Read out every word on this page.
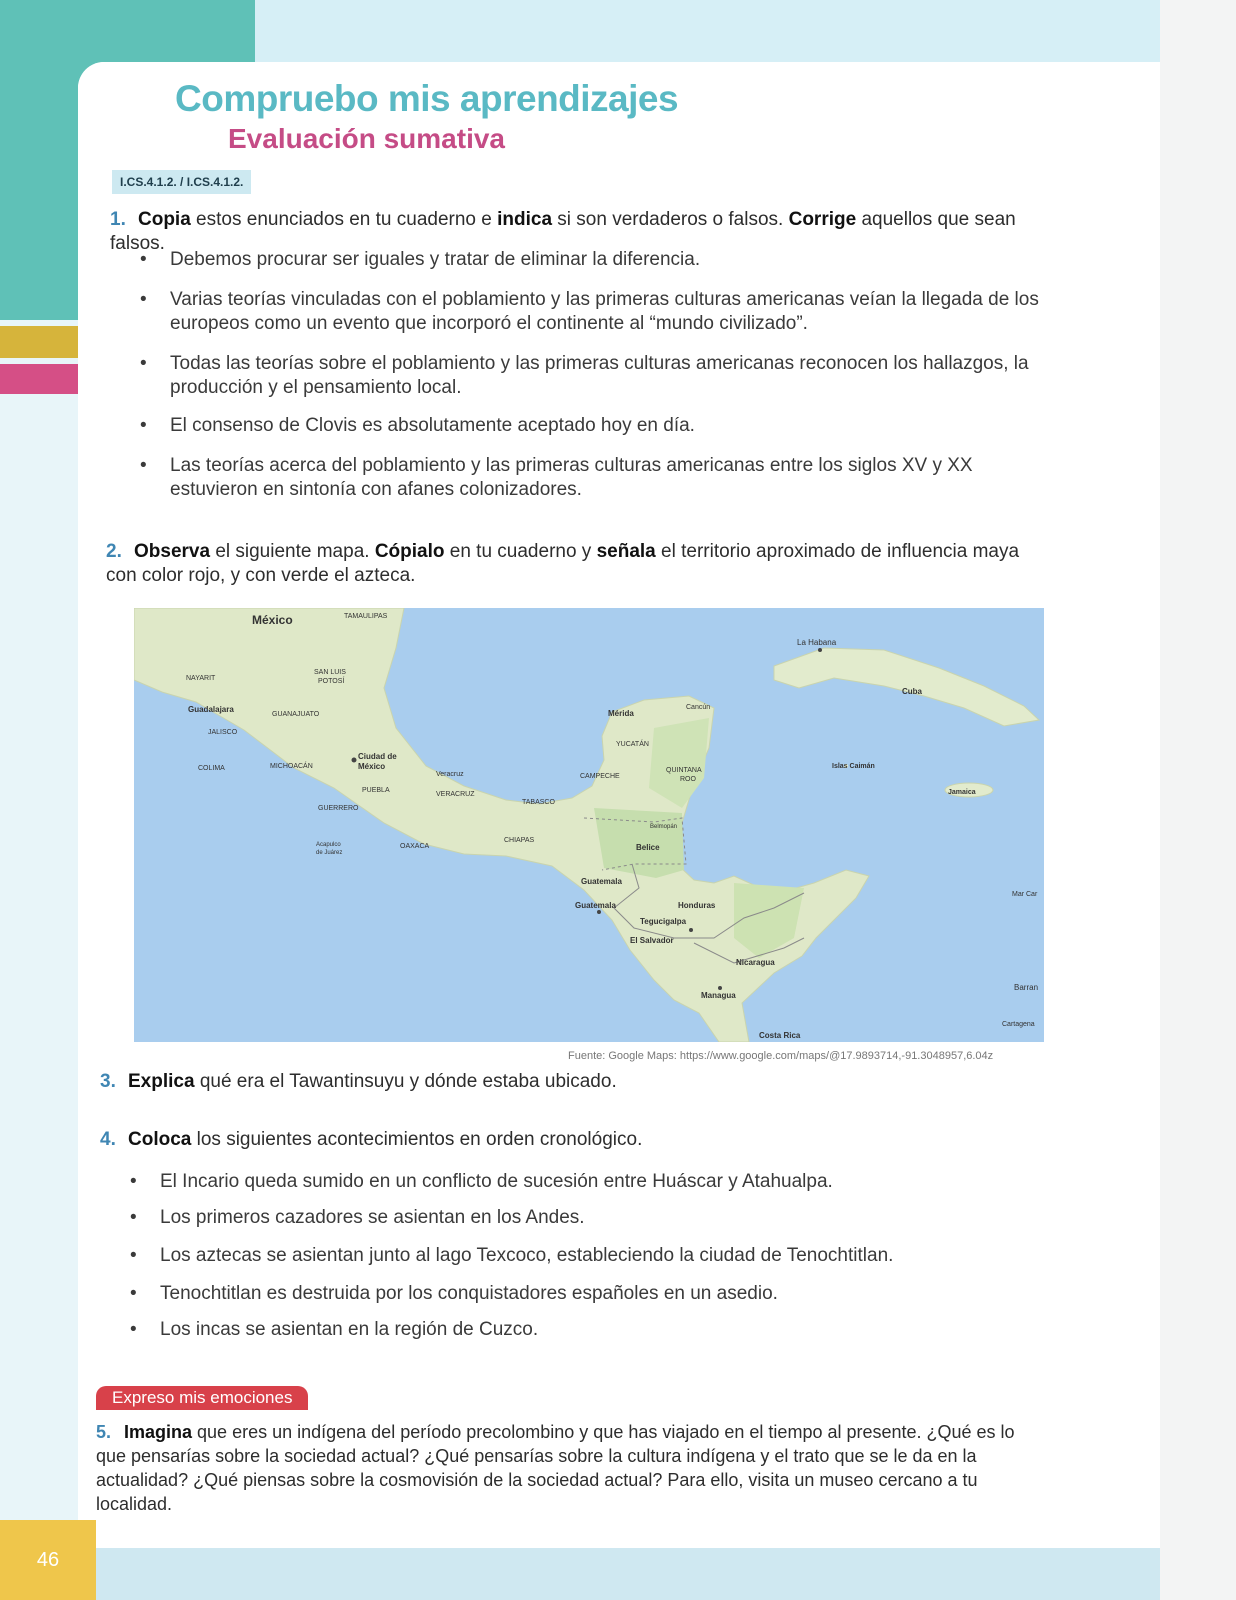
Compruebo mis aprendizajes
Evaluación sumativa
I.CS.4.1.2. / I.CS.4.1.2.
1. Copia estos enunciados en tu cuaderno e indica si son verdaderos o falsos. Corrige aquellos que sean falsos.
• Debemos procurar ser iguales y tratar de eliminar la diferencia.
• Varias teorías vinculadas con el poblamiento y las primeras culturas americanas veían la llegada de los europeos como un evento que incorporó el continente al “mundo civilizado”.
• Todas las teorías sobre el poblamiento y las primeras culturas americanas reconocen los hallazgos, la producción y el pensamiento local.
• El consenso de Clovis es absolutamente aceptado hoy en día.
• Las teorías acerca del poblamiento y las primeras culturas americanas entre los siglos XV y XX estuvieron en sintonía con afanes colonizadores.
2. Observa el siguiente mapa. Cópialo en tu cuaderno y señala el territorio aproximado de influencia maya con color rojo, y con verde el azteca.
México	TAMAULIPAS
NAYARIT
SAN LUIS
POTOSÍ
Guadalajara
GUANAJUATO
JALISCO
COLIMA	MICHOACÁN
Ciudad de
México
Veracruz
VERACRUZ
PUEBLA
GUERRERO
Acapulco
de Juárez
OAXACA
TABASCO
CHIAPAS
CAMPECHE
Mérida
YUCATÁN
Cancún
QUINTANA
ROO
Belmopán
Belice
Guatemala
Guatemala	Honduras
Tegucigalpa
El Salvador
Nicaragua
Managua
Costa Rica
La Habana
Cuba
Islas Caimán
Jamaica
Mar Car
Barran
Cartagena
Fuente: Google Maps: https://www.google.com/maps/@17.9893714,-91.3048957,6.04z
3. Explica qué era el Tawantinsuyu y dónde estaba ubicado.
4. Coloca los siguientes acontecimientos en orden cronológico.
• El Incario queda sumido en un conflicto de sucesión entre Huáscar y Atahualpa.
• Los primeros cazadores se asientan en los Andes.
• Los aztecas se asientan junto al lago Texcoco, estableciendo la ciudad de Tenochtitlan.
• Tenochtitlan es destruida por los conquistadores españoles en un asedio.
• Los incas se asientan en la región de Cuzco.
Expreso mis emociones
5. Imagina que eres un indígena del período precolombino y que has viajado en el tiempo al presente. ¿Qué es lo que pensarías sobre la sociedad actual? ¿Qué pensarías sobre la cultura indígena y el trato que se le da en la actualidad? ¿Qué piensas sobre la cosmovisión de la sociedad actual? Para ello, visita un museo cercano a tu localidad.
46
